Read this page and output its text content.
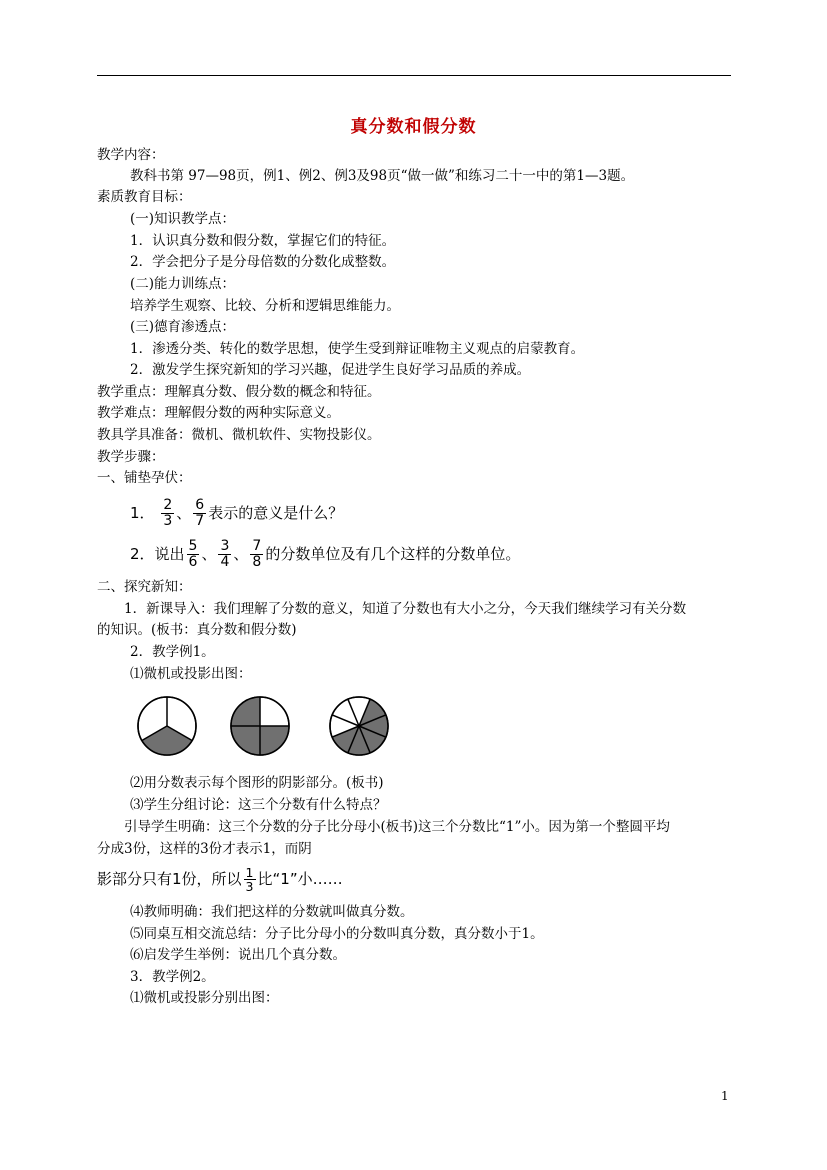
真分数和假分数
教学内容：
教科书第 97—98页，例1、例2、例3及98页“做一做”和练习二十一中的第1—3题。
素质教育目标：
(一)知识教学点：
1．认识真分数和假分数，掌握它们的特征。
2．学会把分子是分母倍数的分数化成整数。
(二)能力训练点：
培养学生观察、比较、分析和逻辑思维能力。
(三)德育渗透点：
1．渗透分类、转化的数学思想，使学生受到辩证唯物主义观点的启蒙教育。
2．激发学生探究新知的学习兴趣，促进学生良好学习品质的养成。
教学重点：理解真分数、假分数的概念和特征。
教学难点：理解假分数的两种实际意义。
教具学具准备：微机、微机软件、实物投影仪。
教学步骤：
一、铺垫孕伏：
1． $\frac{2}{3}$ 、 $\frac{6}{7}$ 表示的意义是什么？
2．说出 $\frac{5}{6}$ 、 $\frac{3}{4}$ 、 $\frac{7}{8}$ 的分数单位及有几个这样的分数单位。
二、探究新知：
1．新课导入：我们理解了分数的意义，知道了分数也有大小之分，今天我们继续学习有关分数
的知识。(板书：真分数和假分数)
2．教学例1。
⑴微机或投影出图：
⑵用分数表示每个图形的阴影部分。(板书)
⑶学生分组讨论：这三个分数有什么特点？
引导学生明确：这三个分数的分子比分母小(板书)这三个分数比“1”小。因为第一个整圆平均
分成3份，这样的3份才表示1，而阴
影部分只有1份，所以 $\frac{1}{3}$ 比“1”小……
⑷教师明确：我们把这样的分数就叫做真分数。
⑸同桌互相交流总结：分子比分母小的分数叫真分数，真分数小于1。
⑹启发学生举例：说出几个真分数。
3．教学例2。
⑴微机或投影分别出图：
1
